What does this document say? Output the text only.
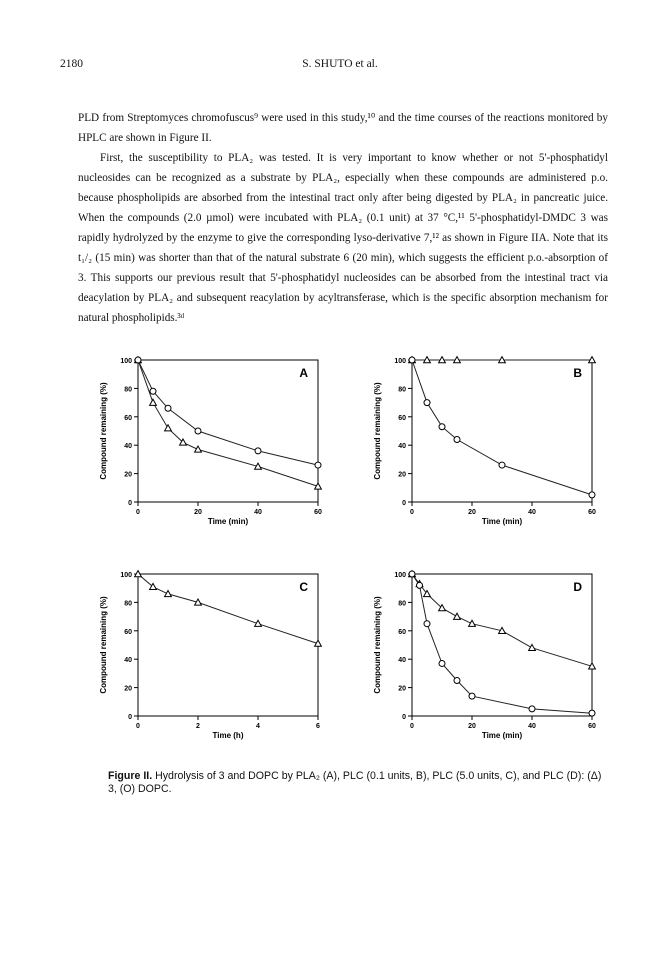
2180	S. SHUTO et al.

PLD from Streptomyces chromofuscus⁹ were used in this study,¹⁰ and the time courses of the reactions monitored by HPLC are shown in Figure II.

First, the susceptibility to PLA₂ was tested. It is very important to know whether or not 5'-phosphatidyl nucleosides can be recognized as a substrate by PLA₂, especially when these compounds are administered p.o. because phospholipids are absorbed from the intestinal tract only after being digested by PLA₂ in pancreatic juice. When the compounds (2.0 µmol) were incubated with PLA₂ (0.1 unit) at 37 °C,¹¹ 5'-phosphatidyl-DMDC 3 was rapidly hydrolyzed by the enzyme to give the corresponding lyso-derivative 7,¹² as shown in Figure IIA. Note that its t₁/₂ (15 min) was shorter than that of the natural substrate 6 (20 min), which suggests the efficient p.o.-absorption of 3. This supports our previous result that 5'-phosphatidyl nucleosides can be absorbed from the intestinal tract via deacylation by PLA₂ and subsequent reacylation by acyltransferase, which is the specific absorption mechanism for natural phospholipids.³ᵈ

0
20
40
60
80
100
0	20	40	60
Time (min)
Compound remaining (%)
A
0
20
40
60
80
100
0	20	40	60
Time (min)
Compound remaining (%)
B
0
20
40
60
80
100
0	2	4	6
Time (h)
Compound remaining (%)
C
0
20
40
60
80
100
0	20	40	60
Time (min)
Compound remaining (%)
D
Figure II. Hydrolysis of 3 and DOPC by PLA₂ (A), PLC (0.1 units, B), PLC (5.0 units, C), and PLC (D): (Δ) 3, (O) DOPC.
